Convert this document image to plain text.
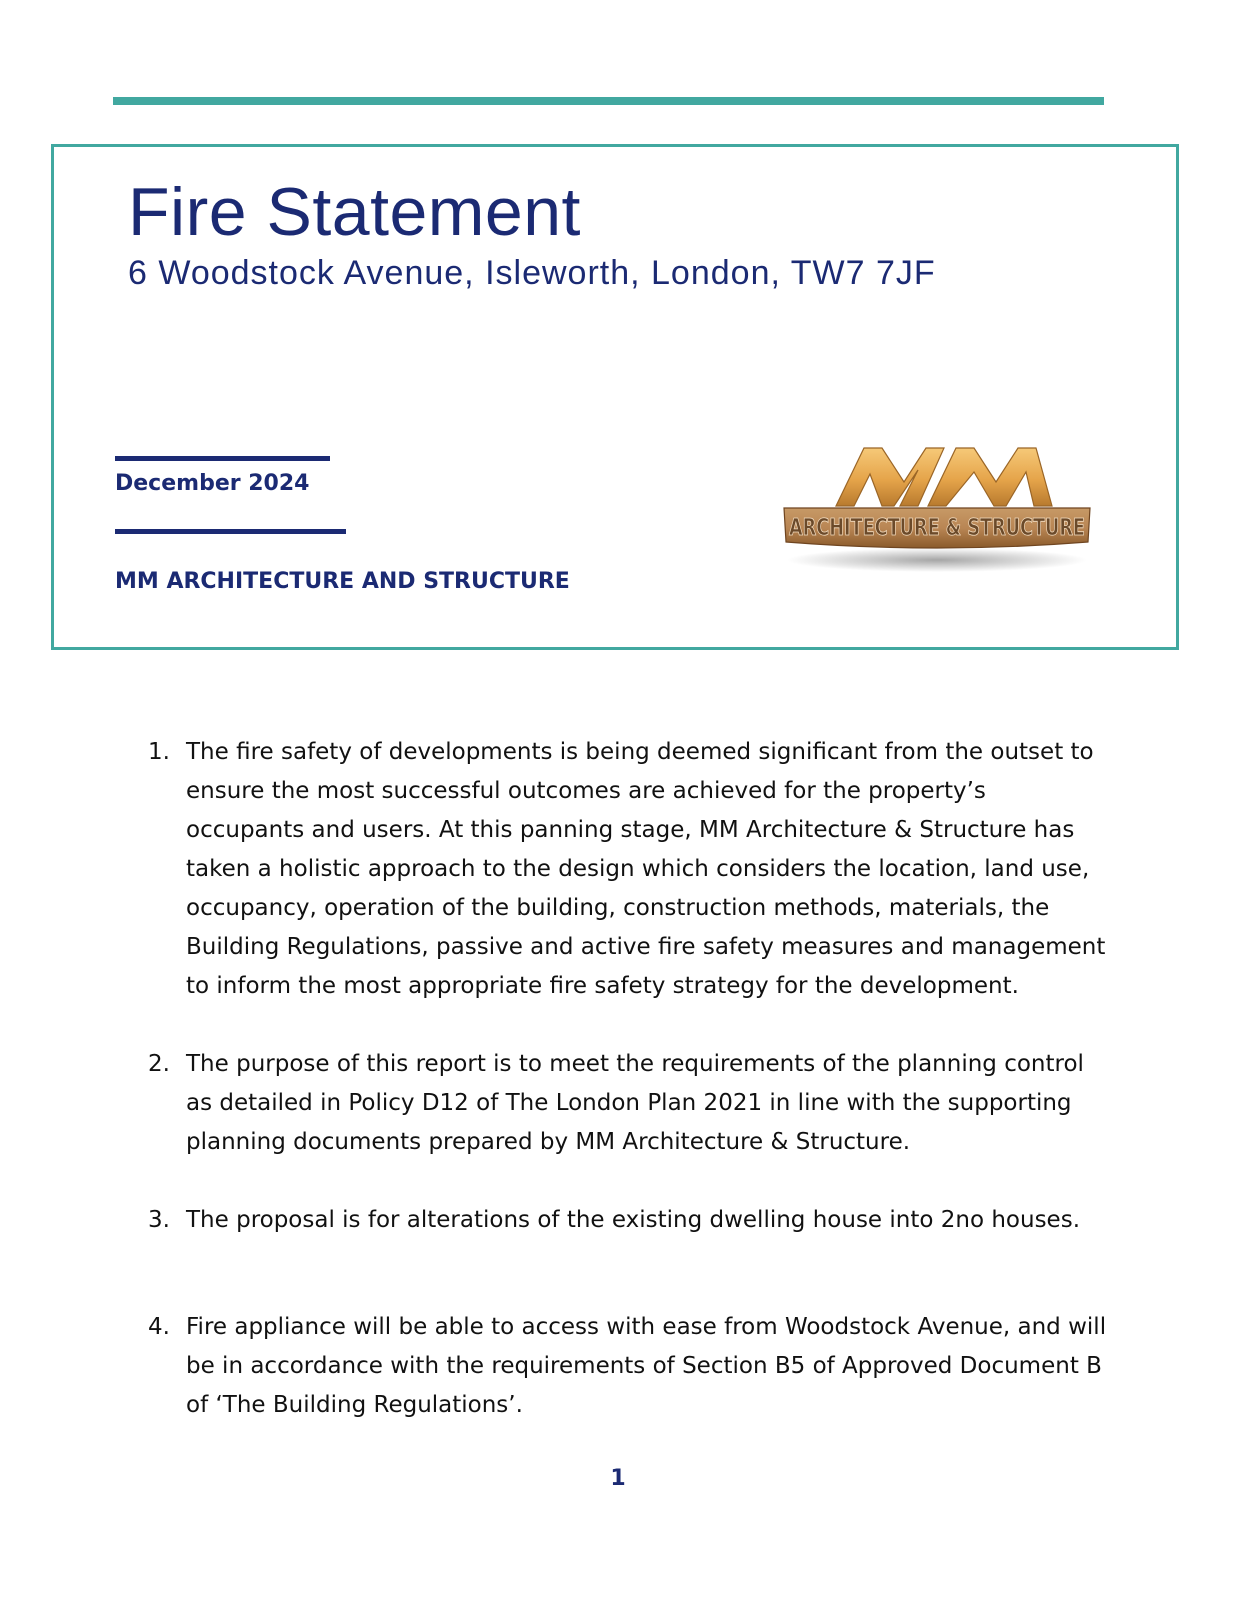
Fire Statement
6 Woodstock Avenue, Isleworth, London, TW7 7JF
December 2024
MM ARCHITECTURE AND STRUCTURE
ARCHITECTURE & STRUCTURE
1. The fire safety of developments is being deemed significant from the outset to ensure the most successful outcomes are achieved for the property’s occupants and users. At this panning stage, MM Architecture & Structure has taken a holistic approach to the design which considers the location, land use, occupancy, operation of the building, construction methods, materials, the Building Regulations, passive and active fire safety measures and management to inform the most appropriate fire safety strategy for the development.
2. The purpose of this report is to meet the requirements of the planning control as detailed in Policy D12 of The London Plan 2021 in line with the supporting planning documents prepared by MM Architecture & Structure.
3. The proposal is for alterations of the existing dwelling house into 2no houses.
4. Fire appliance will be able to access with ease from Woodstock Avenue, and will be in accordance with the requirements of Section B5 of Approved Document B of ‘The Building Regulations’.
1
